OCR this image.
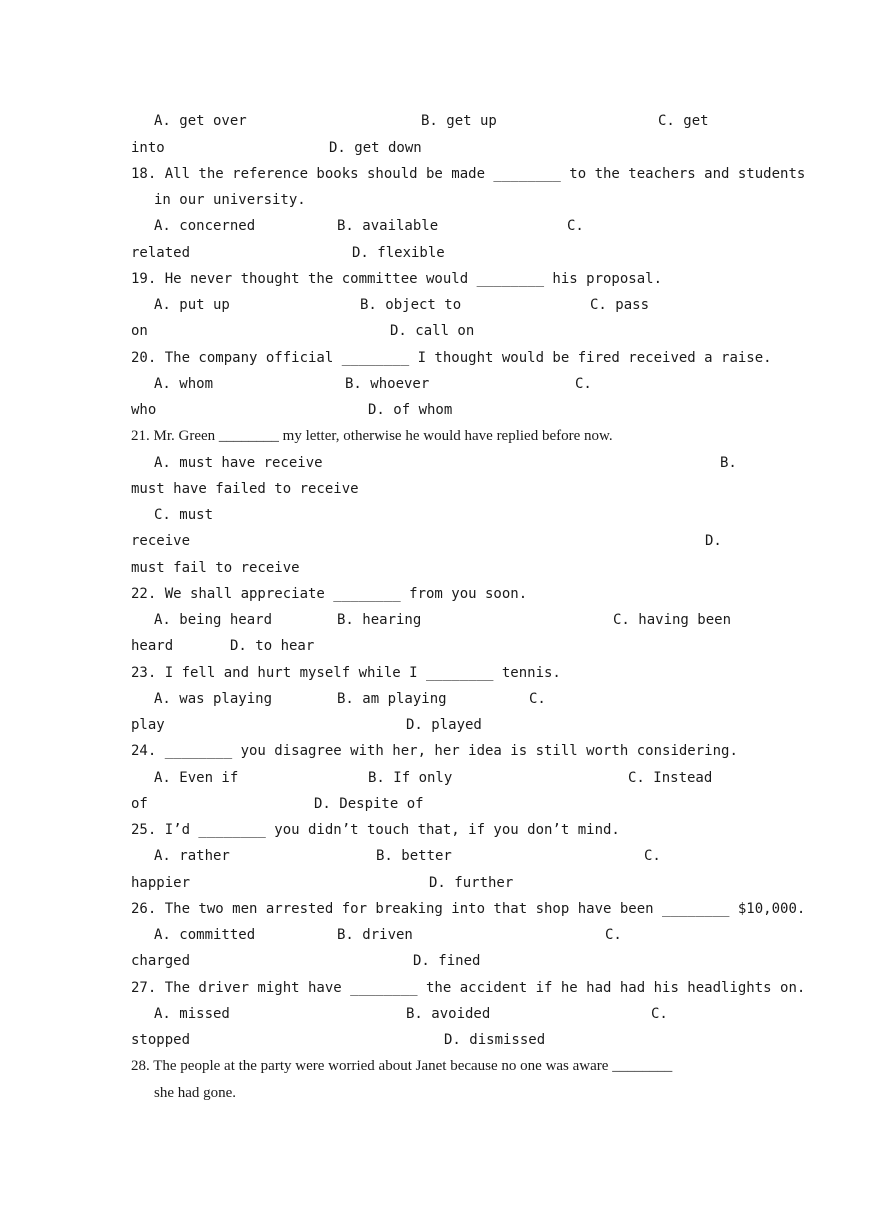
A. get over

	B. get up

	C. get

into

	D. get down

18. All the reference books should be made ________ to the teachers and students
in our university.

A. concerned

	B. available

	C.

related

	D. flexible

19. He never thought the committee would ________ his proposal.

A. put up

	B. object to

	C. pass

on

	D. call on

20. The company official ________ I thought would be fired received a raise.

A. whom

	B. whoever

	C.

who

	D. of whom

21. Mr. Green ________ my letter, otherwise he would have replied before now.

A. must have receive

	B.

must have failed to receive
C. must

receive

	D.

must fail to receive
22. We shall appreciate ________ from you soon.

A. being heard

	B. hearing

	C. having been

heard

	D. to hear

23. I fell and hurt myself while I ________ tennis.

A. was playing

	B. am playing

	C.

play

	D. played

24. ________ you disagree with her, her idea is still worth considering.

A. Even if

	B. If only

	C. Instead

of

	D. Despite of

25. I’d ________ you didn’t touch that, if you don’t mind.

A. rather

	B. better

	C.

happier

	D. further

26. The two men arrested for breaking into that shop have been ________ $10,000.

A. committed

	B. driven

	C.

charged

	D. fined

27. The driver might have ________ the accident if he had had his headlights on.

A. missed

	B. avoided

	C.

stopped

	D. dismissed

28. The people at the party were worried about Janet because no one was aware ________
she had gone.
